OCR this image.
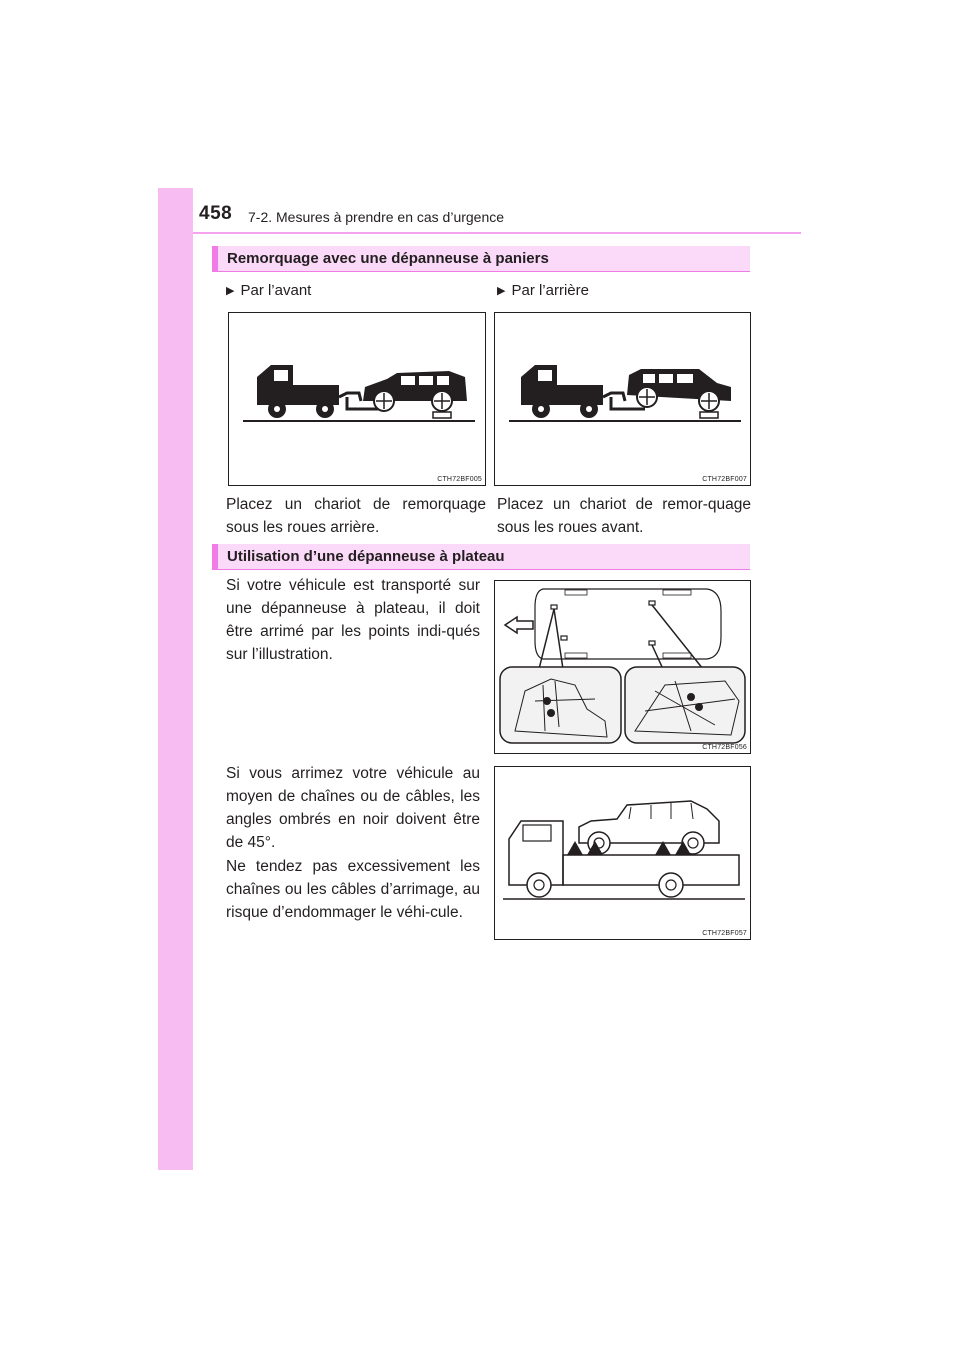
458 7-2. Mesures à prendre en cas d’urgence
Remorquage avec une dépanneuse à paniers
▶ Par l’avant	▶ Par l’arrière
CTH72BF005	CTH72BF007
Placez un chariot de remorquage sous les roues arrière.
Placez un chariot de remor-quage sous les roues avant.
Utilisation d’une dépanneuse à plateau
Si votre véhicule est transporté sur une dépanneuse à plateau, il doit être arrimé par les points indi-qués sur l’illustration.
CTH72BF056
Si vous arrimez votre véhicule au moyen de chaînes ou de câbles, les angles ombrés en noir doivent être de 45°.
Ne tendez pas excessivement les chaînes ou les câbles d’arrimage, au risque d’endommager le véhi-cule.
CTH72BF057
